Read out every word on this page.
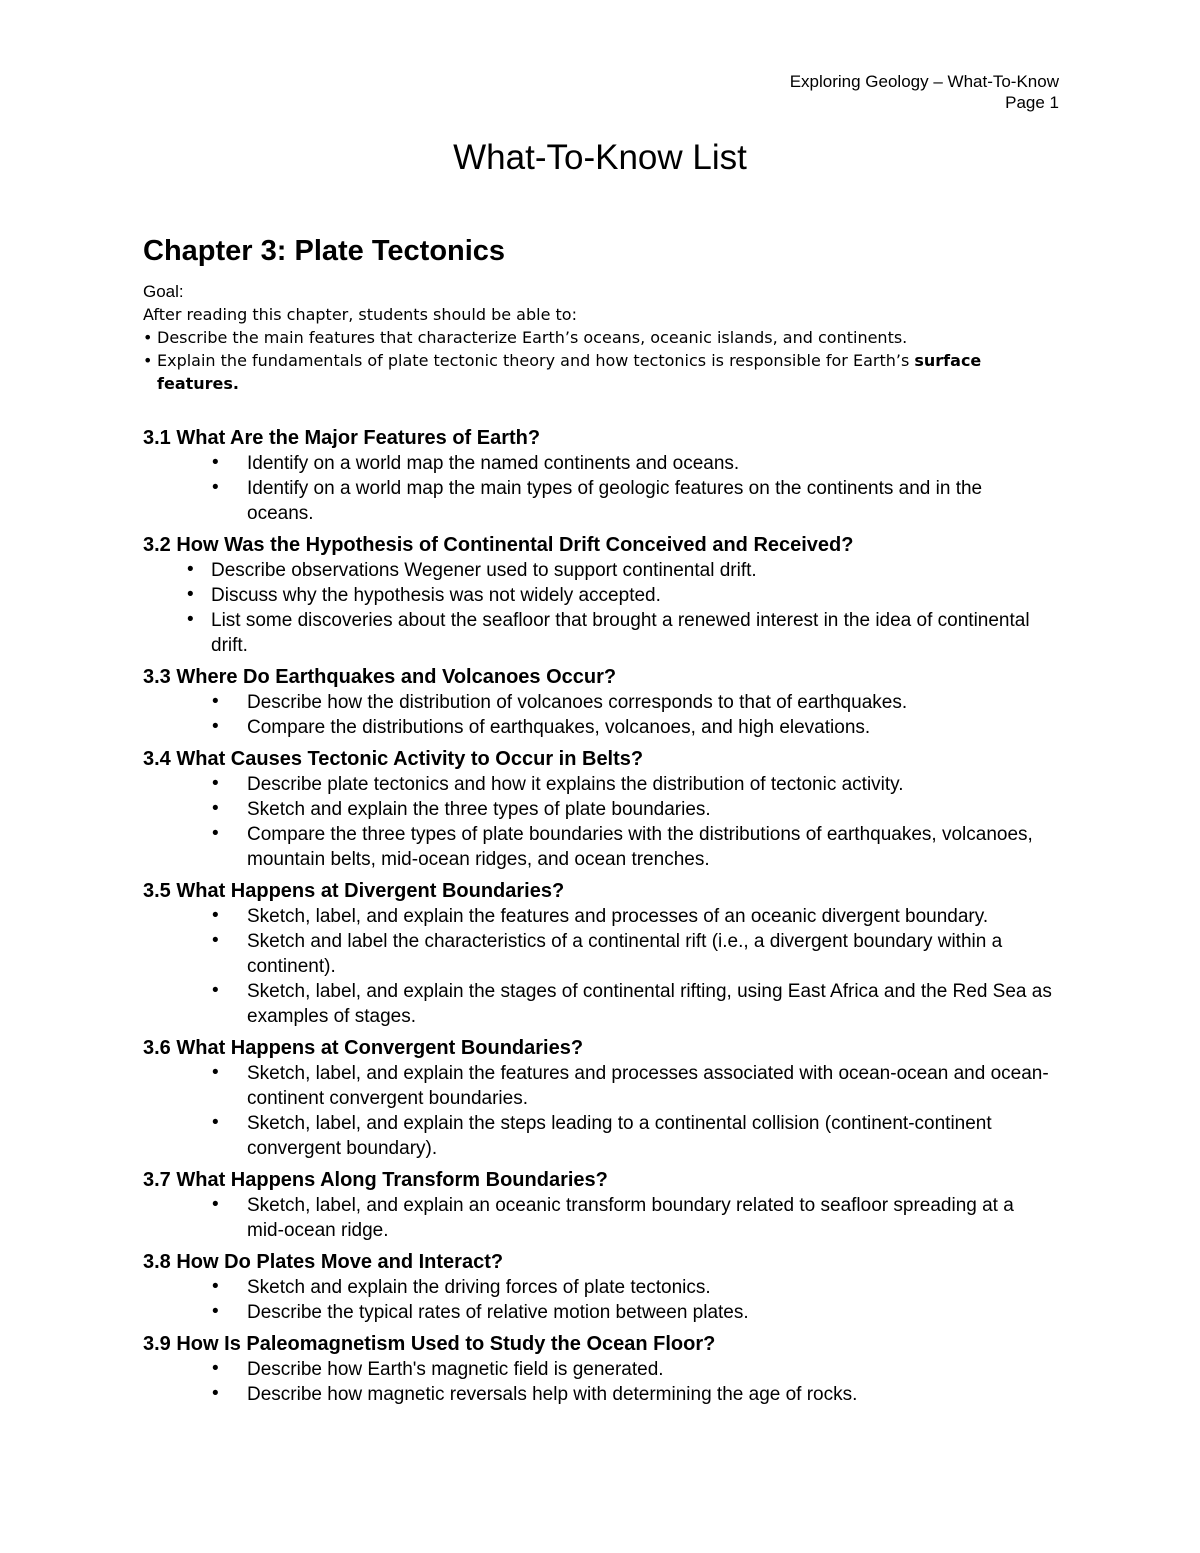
Exploring Geology – What-To-Know
Page 1
What-To-Know List
Chapter 3: Plate Tectonics
Goal:
After reading this chapter, students should be able to:
• Describe the main features that characterize Earth’s oceans, oceanic islands, and continents.
• Explain the fundamentals of plate tectonic theory and how tectonics is responsible for Earth’s surface features.
3.1 What Are the Major Features of Earth?
• Identify on a world map the named continents and oceans.
• Identify on a world map the main types of geologic features on the continents and in the oceans.
3.2 How Was the Hypothesis of Continental Drift Conceived and Received?
• Describe observations Wegener used to support continental drift.
• Discuss why the hypothesis was not widely accepted.
• List some discoveries about the seafloor that brought a renewed interest in the idea of continental drift.
3.3 Where Do Earthquakes and Volcanoes Occur?
• Describe how the distribution of volcanoes corresponds to that of earthquakes.
• Compare the distributions of earthquakes, volcanoes, and high elevations.
3.4 What Causes Tectonic Activity to Occur in Belts?
• Describe plate tectonics and how it explains the distribution of tectonic activity.
• Sketch and explain the three types of plate boundaries.
• Compare the three types of plate boundaries with the distributions of earthquakes, volcanoes, mountain belts, mid-ocean ridges, and ocean trenches.
3.5 What Happens at Divergent Boundaries?
• Sketch, label, and explain the features and processes of an oceanic divergent boundary.
• Sketch and label the characteristics of a continental rift (i.e., a divergent boundary within a continent).
• Sketch, label, and explain the stages of continental rifting, using East Africa and the Red Sea as examples of stages.
3.6 What Happens at Convergent Boundaries?
• Sketch, label, and explain the features and processes associated with ocean-ocean and ocean-continent convergent boundaries.
• Sketch, label, and explain the steps leading to a continental collision (continent-continent convergent boundary).
3.7 What Happens Along Transform Boundaries?
• Sketch, label, and explain an oceanic transform boundary related to seafloor spreading at a mid-ocean ridge.
3.8 How Do Plates Move and Interact?
• Sketch and explain the driving forces of plate tectonics.
• Describe the typical rates of relative motion between plates.
3.9 How Is Paleomagnetism Used to Study the Ocean Floor?
• Describe how Earth's magnetic field is generated.
• Describe how magnetic reversals help with determining the age of rocks.
